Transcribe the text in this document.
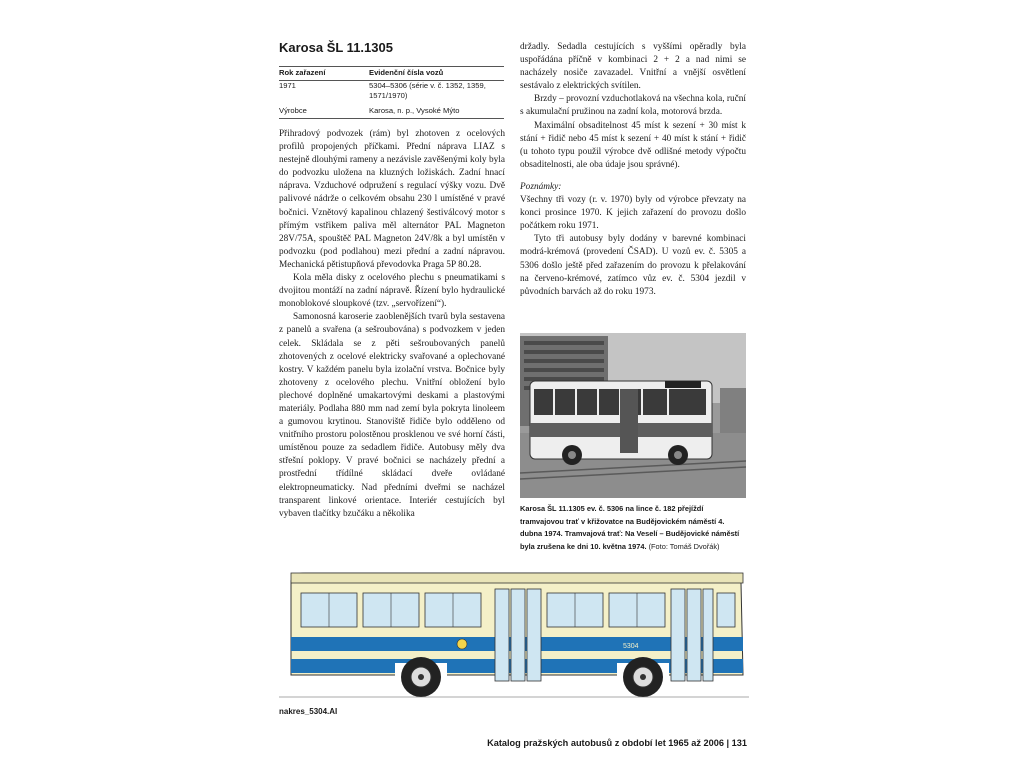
Karosa ŠL 11.1305
Rok zařazení	Evidenční čísla vozů
1971	5304–5306 (série v. č. 1352, 1359,
1571/1970)
Výrobce	Karosa, n. p., Vysoké Mýto

Přihradový podvozek (rám) byl zhotoven z ocelových profilů propojených příčkami. Přední náprava LIAZ s nestejně dlouhými rameny a nezávisle zavěšenými koly byla do podvozku uložena na kluzných ložiskách. Zadní hnací náprava. Vzduchové odpružení s regulací výšky vozu. Dvě palivové nádrže o celkovém obsahu 230 l umístěné v pravé bočnici. Vznětový kapalinou chlazený šestiválcový motor s přímým vstřikem paliva měl alternátor PAL Magneton 28V/75A, spouštěč PAL Magneton 24V/8k a byl umístěn v podvozku (pod podlahou) mezi přední a zadní nápravou. Mechanická pětistupňová převodovka Praga 5P 80.28.

Kola měla disky z ocelového plechu s pneumatikami s dvojitou montáží na zadní nápravě. Řízení bylo hydraulické monoblokové sloupkové (tzv. „servořízení“).

Samonosná karoserie zaoblenějších tvarů byla sestavena z panelů a svařena (a sešroubována) s podvozkem v jeden celek. Skládala se z pěti sešroubovaných panelů zhotovených z ocelové elektricky svařované a oplechované kostry. V každém panelu byla izolační vrstva. Bočnice byly zhotoveny z ocelového plechu. Vnitřní obložení bylo plechové doplněné umakartovými deskami a plastovými materiály. Podlaha 880 mm nad zemí byla pokryta linoleem a gumovou krytinou. Stanoviště řidiče bylo odděleno od vnitřního prostoru polostěnou prosklenou ve své horní části, umístěnou pouze za sedadlem řidiče. Autobusy měly dva střešní poklopy. V pravé bočnici se nacházely přední a prostřední třídílné skládací dveře ovládané elektropneumaticky. Nad předními dveřmi se nacházel transparent linkové orientace. Interiér cestujících byl vybaven tlačítky bzučáku a několika

držadly. Sedadla cestujících s vyššími opěradly byla uspořádána příčně v kombinaci 2 + 2 a nad nimi se nacházely nosiče zavazadel. Vnitřní a vnější osvětlení sestávalo z elektrických svítilen.

Brzdy – provozní vzduchotlaková na všechna kola, ruční s akumulační pružinou na zadní kola, motorová brzda.

Maximální obsaditelnost 45 míst k sezení + 30 míst k stání + řidič nebo 45 míst k sezení + 40 míst k stání + řidič (u tohoto typu použil výrobce dvě odlišné metody výpočtu obsaditelnosti, ale oba údaje jsou správné).

Poznámky:

Všechny tři vozy (r. v. 1970) byly od výrobce převzaty na konci prosince 1970. K jejich zařazení do provozu došlo počátkem roku 1971.

Tyto tři autobusy byly dodány v barevné kombinaci modrá-krémová (provedení ČSAD). U vozů ev. č. 5305 a 5306 došlo ještě před zařazením do provozu k přelakování na červeno-krémové, zatímco vůz ev. č. 5304 jezdil v původních barvách až do roku 1973.

Karosa ŠL 11.1305 ev. č. 5306 na lince č. 182 přejíždí tramvajovou trať v křižovatce na Budějovickém náměstí 4. dubna 1974. Tramvajová trať: Na Veselí – Budějovické náměstí byla zrušena ke dni 10. května 1974. (Foto: Tomáš Dvořák)
5304
nakres_5304.AI
Katalog pražských autobusů z období let 1965 až 2006 | 131
